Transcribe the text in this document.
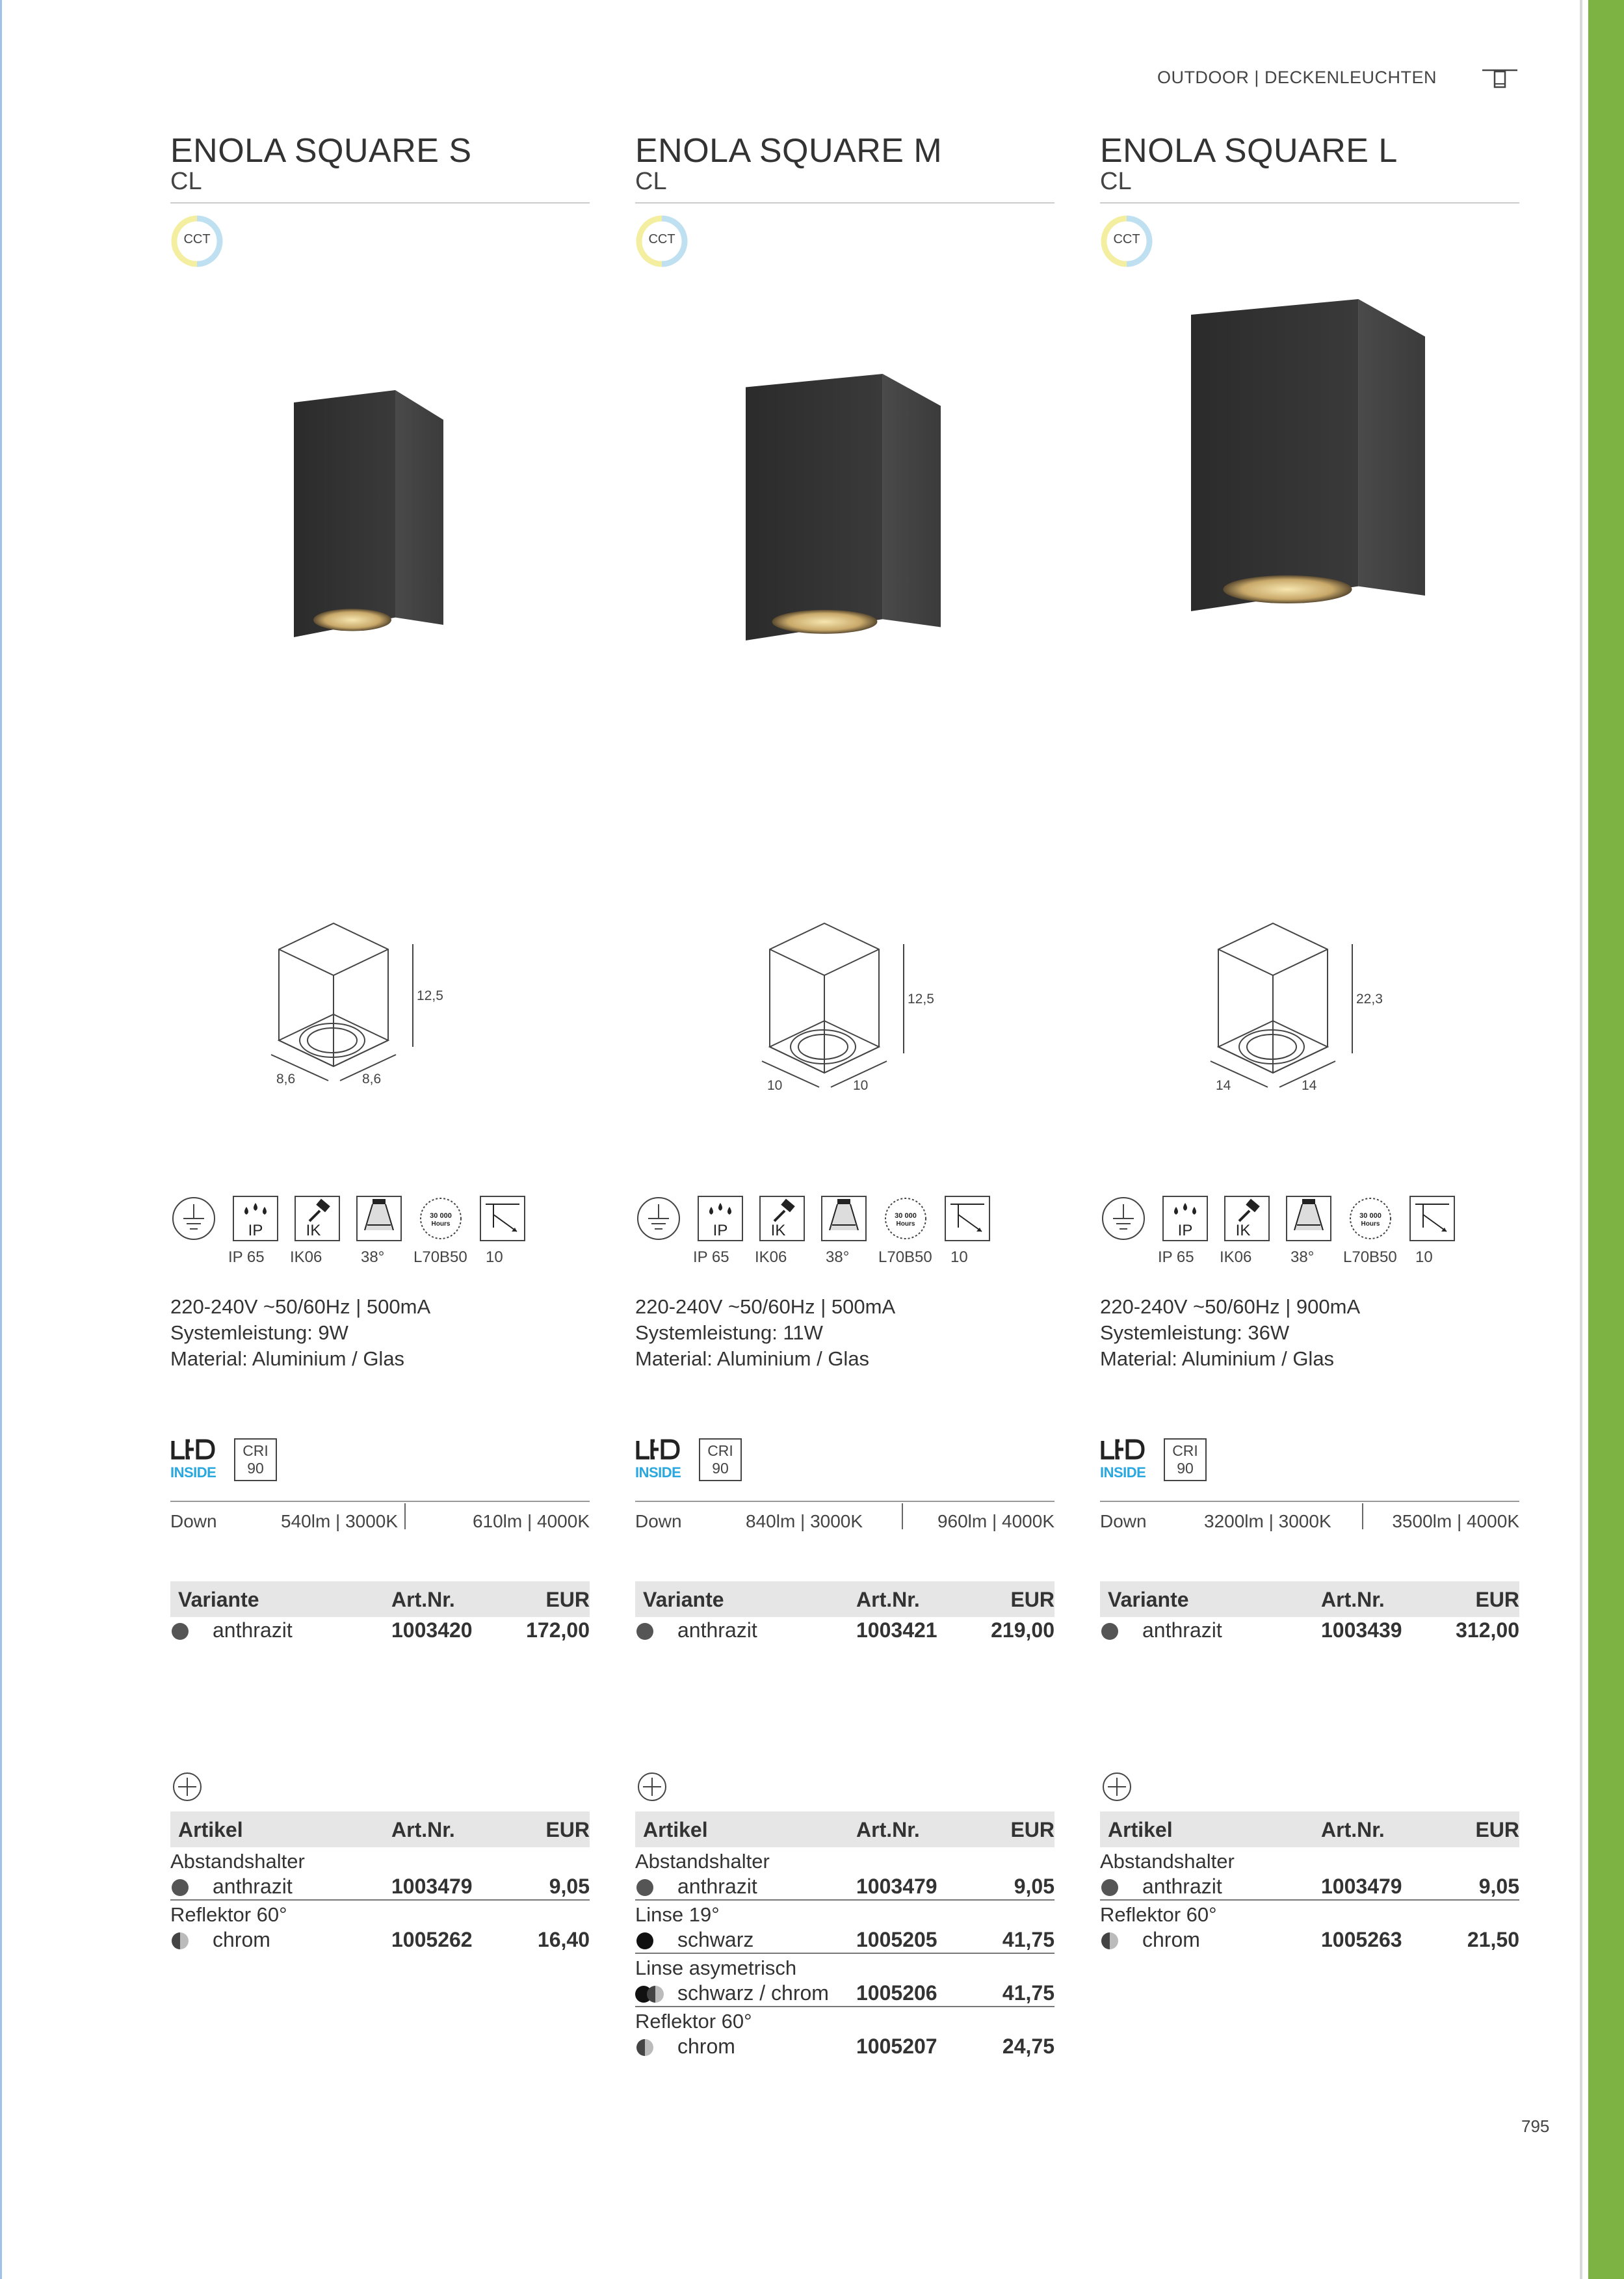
OUTDOOR | DECKENLEUCHTEN
ENOLA SQUARE S
CL
CCT
12,5
8,6	8,6
IP	IK
30 000
Hours
IP 65 IK06 38° L70B50 10
220-240V ~50/60Hz | 500mA
Systemleistung: 9W
Material: Aluminium / Glas
INSIDE
CRI
90
Down	540lm | 3000K	610lm | 4000K
Variante	Art.Nr.	EUR
anthrazit	1003420	172,00
Artikel	Art.Nr.	EUR
Abstandshalter
anthrazit	1003479	9,05
Reflektor 60°
chrom	1005262	16,40
ENOLA SQUARE M
CL
CCT
12,5
10	10
IP	IK
30 000
Hours
IP 65 IK06 38° L70B50 10
220-240V ~50/60Hz | 500mA
Systemleistung: 11W
Material: Aluminium / Glas
INSIDE
CRI
90
Down	840lm | 3000K	960lm | 4000K
Variante	Art.Nr.	EUR
anthrazit	1003421	219,00
Artikel	Art.Nr.	EUR
Abstandshalter
anthrazit	1003479	9,05
Linse 19°
schwarz	1005205	41,75
Linse asymetrisch
schwarz / chrom 1005206	41,75
Reflektor 60°
chrom	1005207	24,75
ENOLA SQUARE L
CL
CCT
22,3
14	14
IP	IK
30 000
Hours
IP 65 IK06 38° L70B50 10
220-240V ~50/60Hz | 900mA
Systemleistung: 36W
Material: Aluminium / Glas
INSIDE
CRI
90
Down	3200lm | 3000K	3500lm | 4000K
Variante	Art.Nr.	EUR
anthrazit	1003439	312,00
Artikel	Art.Nr.	EUR
Abstandshalter
anthrazit	1003479	9,05
Reflektor 60°
chrom	1005263	21,50
795
